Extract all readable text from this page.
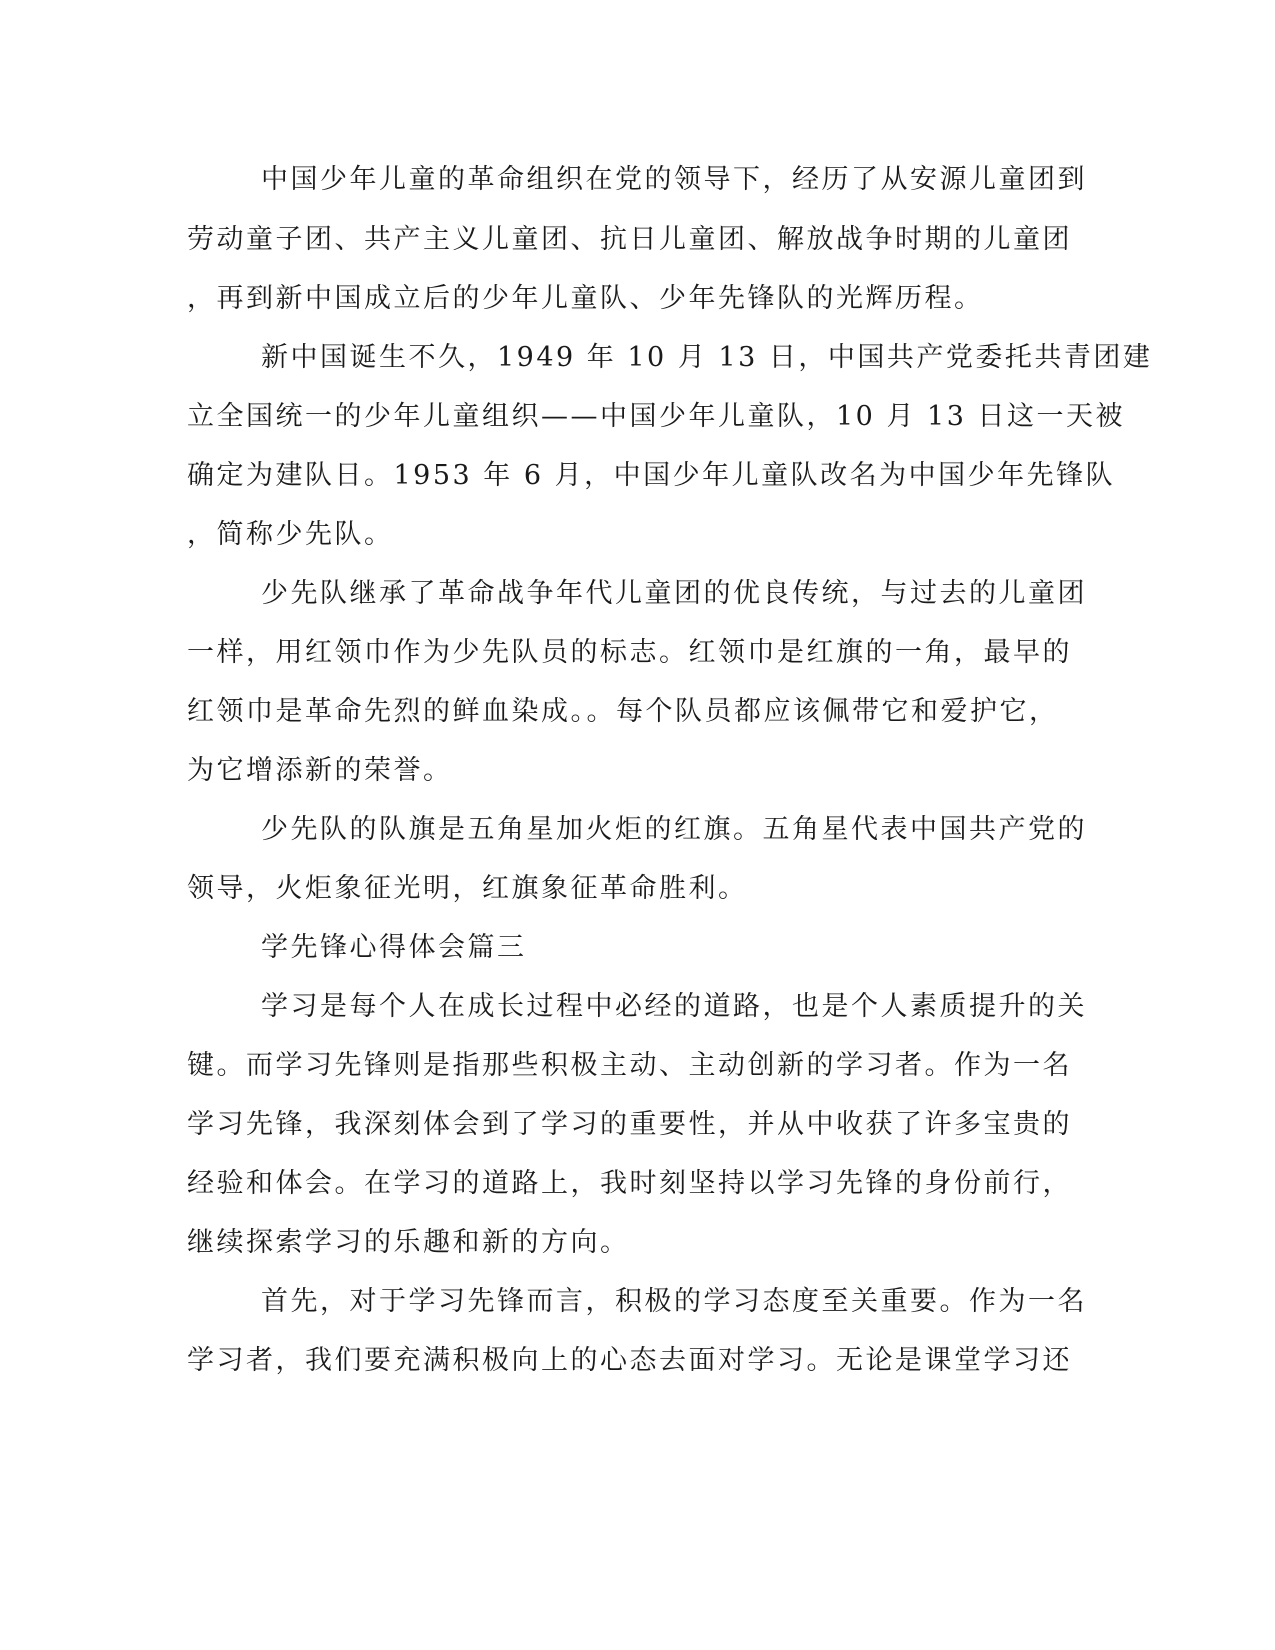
中国少年儿童的革命组织在党的领导下，经历了从安源儿童团到
劳动童子团、共产主义儿童团、抗日儿童团、解放战争时期的儿童团
，再到新中国成立后的少年儿童队、少年先锋队的光辉历程。
新中国诞生不久，1949 年 10 月 13 日，中国共产党委托共青团建
立全国统一的少年儿童组织——中国少年儿童队，10 月 13 日这一天被
确定为建队日。1953 年 6 月，中国少年儿童队改名为中国少年先锋队
，简称少先队。
少先队继承了革命战争年代儿童团的优良传统，与过去的儿童团
一样，用红领巾作为少先队员的标志。红领巾是红旗的一角，最早的
红领巾是革命先烈的鲜血染成。。每个队员都应该佩带它和爱护它，
为它增添新的荣誉。
少先队的队旗是五角星加火炬的红旗。五角星代表中国共产党的
领导，火炬象征光明，红旗象征革命胜利。
学先锋心得体会篇三
学习是每个人在成长过程中必经的道路，也是个人素质提升的关
键。而学习先锋则是指那些积极主动、主动创新的学习者。作为一名
学习先锋，我深刻体会到了学习的重要性，并从中收获了许多宝贵的
经验和体会。在学习的道路上，我时刻坚持以学习先锋的身份前行，
继续探索学习的乐趣和新的方向。
首先，对于学习先锋而言，积极的学习态度至关重要。作为一名
学习者，我们要充满积极向上的心态去面对学习。无论是课堂学习还
